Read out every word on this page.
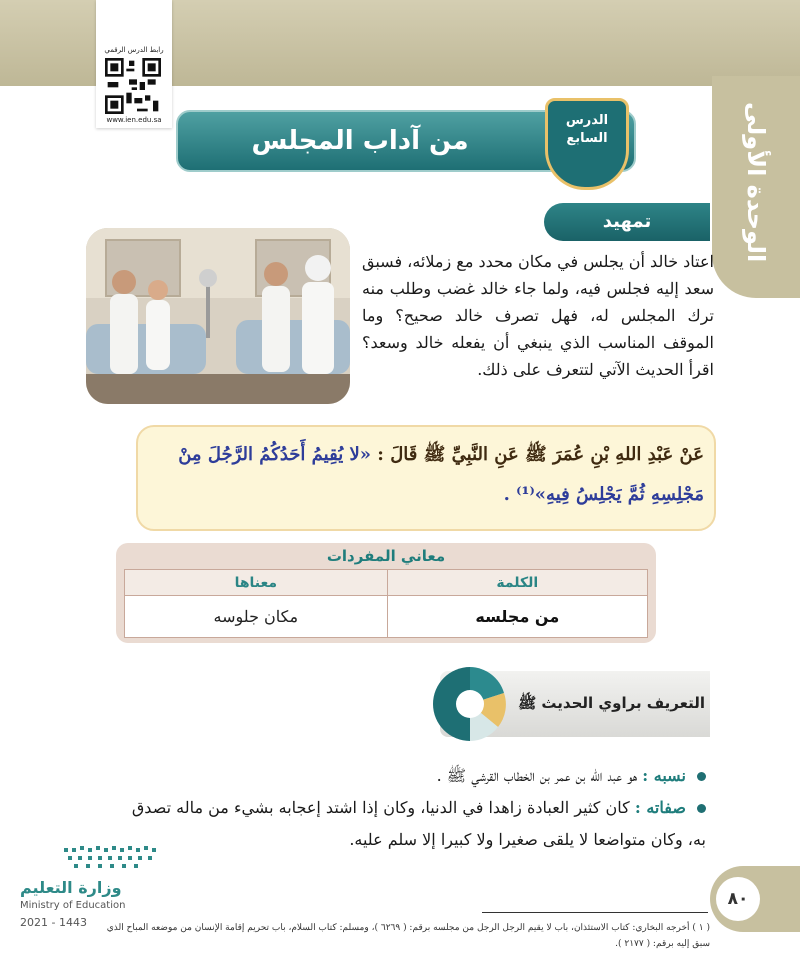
الوحدة الأولى
رابط الدرس الرقمي
www.ien.edu.sa
من آداب المجلس
الدرس
السابع
تمهيد
اعتاد خالد أن يجلس في مكان محدد مع زملائه، فسبق سعد إليه فجلس فيه، ولما جاء خالد غضب وطلب منه ترك المجلس له، فهل تصرف خالد صحيح؟ وما الموقف المناسب الذي ينبغي أن يفعله خالد وسعد؟ اقرأ الحديث الآتي لتتعرف على ذلك.
عَنْ عَبْدِ اللهِ بْنِ عُمَرَ ﷺ عَنِ النَّبِيِّ ﷺ قَالَ : «لا يُقِيمُ أَحَدُكُمُ الرَّجُلَ مِنْ مَجْلِسِهِ ثُمَّ يَجْلِسُ فِيهِ»⁽¹⁾ .
معاني المفردات
الكلمة	معناها
من مجلسه	مكان جلوسه
التعريف براوي الحديث ﷺ
نسبه : هو عبد الله بن عمر بن الخطاب القرشي ﷺ .
صفاته : كان كثير العبادة زاهدا في الدنيا، وكان إذا اشتد إعجابه بشيء من ماله تصدق به، وكان متواضعا لا يلقى صغيرا ولا كبيرا إلا سلم عليه.
وزارة التعليم
Ministry of Education
2021 - 1443
٨٠
( ١ ) أخرجه البخاري: كتاب الاستئذان، باب لا يقيم الرجل الرجل من مجلسه برقم: ( ٦٢٦٩ )، ومسلم: كتاب السلام، باب تحريم إقامة الإنسان من موضعه المباح الذي سبق إليه برقم: ( ٢١٧٧ ).
